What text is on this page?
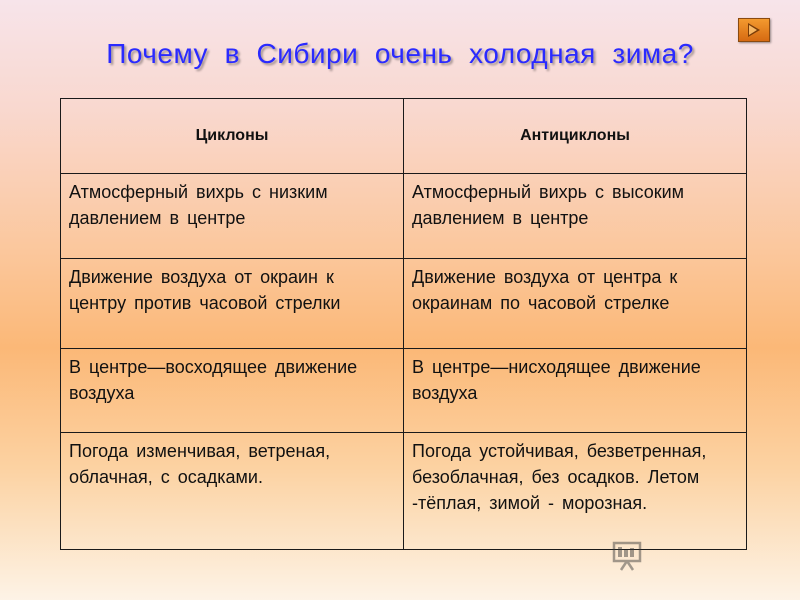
Почему  в  Сибири  очень  холодная  зима?
Циклоны	Антициклоны
Атмосферный вихрь с низким давлением в центре	Атмосферный вихрь с высоким давлением в центре
Движение воздуха от окраин к центру против часовой стрелки	Движение воздуха от центра к окраинам по часовой стрелке
В центре—восходящее движение воздуха	В центре—нисходящее движение воздуха
Погода изменчивая, ветреная, облачная, с осадками.	Погода устойчивая, безветренная, безоблачная, без осадков. Летом -тёплая, зимой - морозная.
